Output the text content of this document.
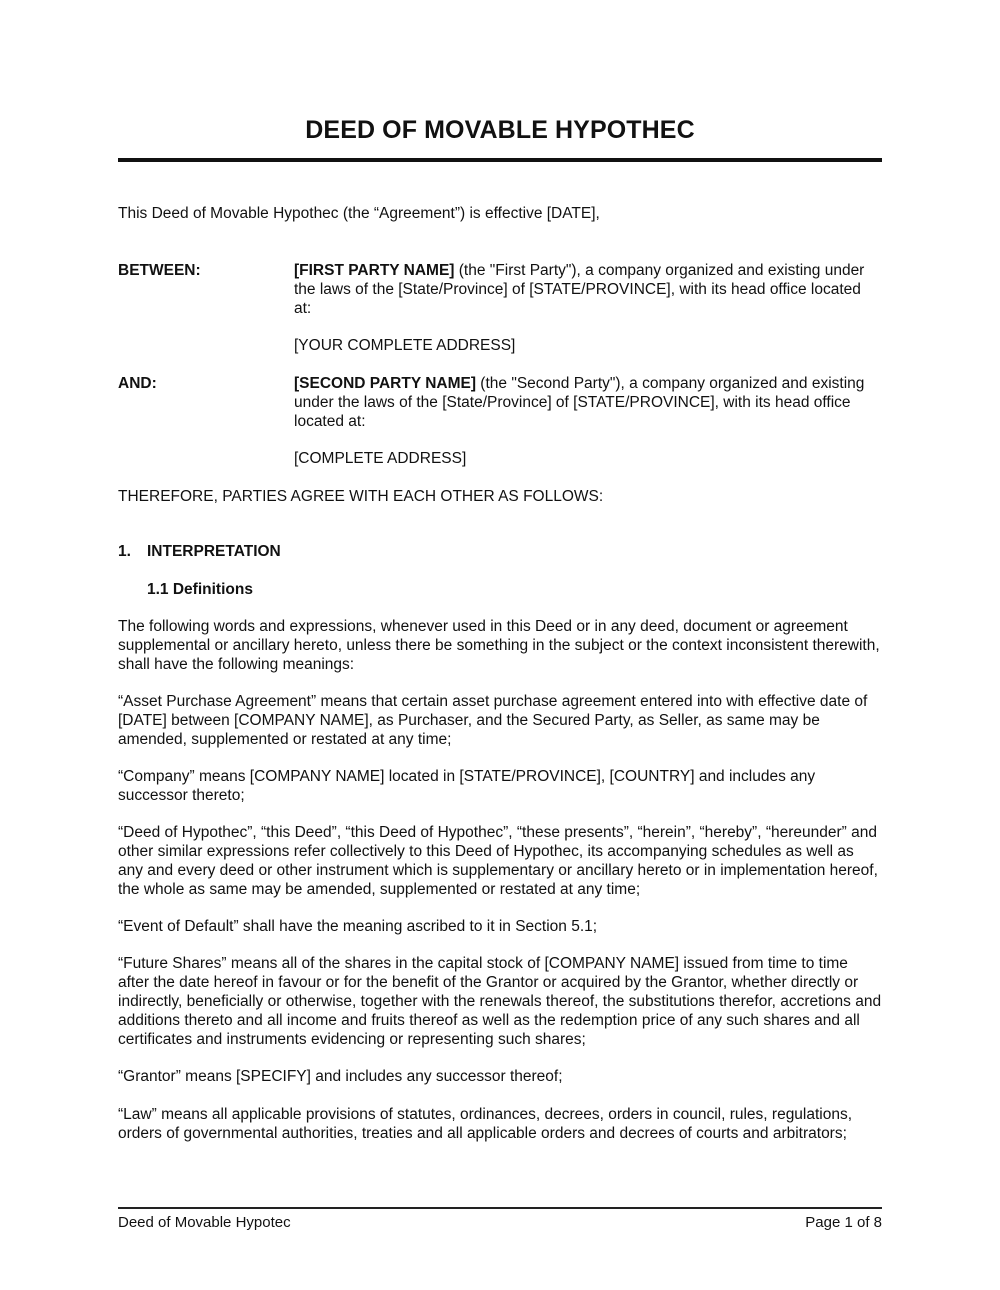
DEED OF MOVABLE HYPOTHEC

This Deed of Movable Hypothec (the “Agreement”) is effective [DATE],

BETWEEN:	[FIRST PARTY NAME] (the "First Party"), a company organized and existing under the laws of the [State/Province] of [STATE/PROVINCE], with its head office located at:

[YOUR COMPLETE ADDRESS]

AND:	[SECOND PARTY NAME] (the "Second Party"), a company organized and existing under the laws of the [State/Province] of [STATE/PROVINCE], with its head office located at:

[COMPLETE ADDRESS]

THEREFORE, PARTIES AGREE WITH EACH OTHER AS FOLLOWS:

1. INTERPRETATION
1.1 Definitions

The following words and expressions, whenever used in this Deed or in any deed, document or agreement supplemental or ancillary hereto, unless there be something in the subject or the context inconsistent therewith, shall have the following meanings:

“Asset Purchase Agreement” means that certain asset purchase agreement entered into with effective date of [DATE] between [COMPANY NAME], as Purchaser, and the Secured Party, as Seller, as same may be amended, supplemented or restated at any time;

“Company” means [COMPANY NAME] located in [STATE/PROVINCE], [COUNTRY] and includes any successor thereto;

“Deed of Hypothec”, “this Deed”, “this Deed of Hypothec”, “these presents”, “herein”, “hereby”, “hereunder” and other similar expressions refer collectively to this Deed of Hypothec, its accompanying schedules as well as any and every deed or other instrument which is supplementary or ancillary hereto or in implementation hereof, the whole as same may be amended, supplemented or restated at any time;

“Event of Default” shall have the meaning ascribed to it in Section 5.1;

“Future Shares” means all of the shares in the capital stock of [COMPANY NAME] issued from time to time after the date hereof in favour or for the benefit of the Grantor or acquired by the Grantor, whether directly or indirectly, beneficially or otherwise, together with the renewals thereof, the substitutions therefor, accretions and additions thereto and all income and fruits thereof as well as the redemption price of any such shares and all certificates and instruments evidencing or representing such shares;

“Grantor” means [SPECIFY] and includes any successor thereof;

“Law” means all applicable provisions of statutes, ordinances, decrees, orders in council, rules, regulations, orders of governmental authorities, treaties and all applicable orders and decrees of courts and arbitrators;

Deed of Movable Hypotec	Page 1 of 8
